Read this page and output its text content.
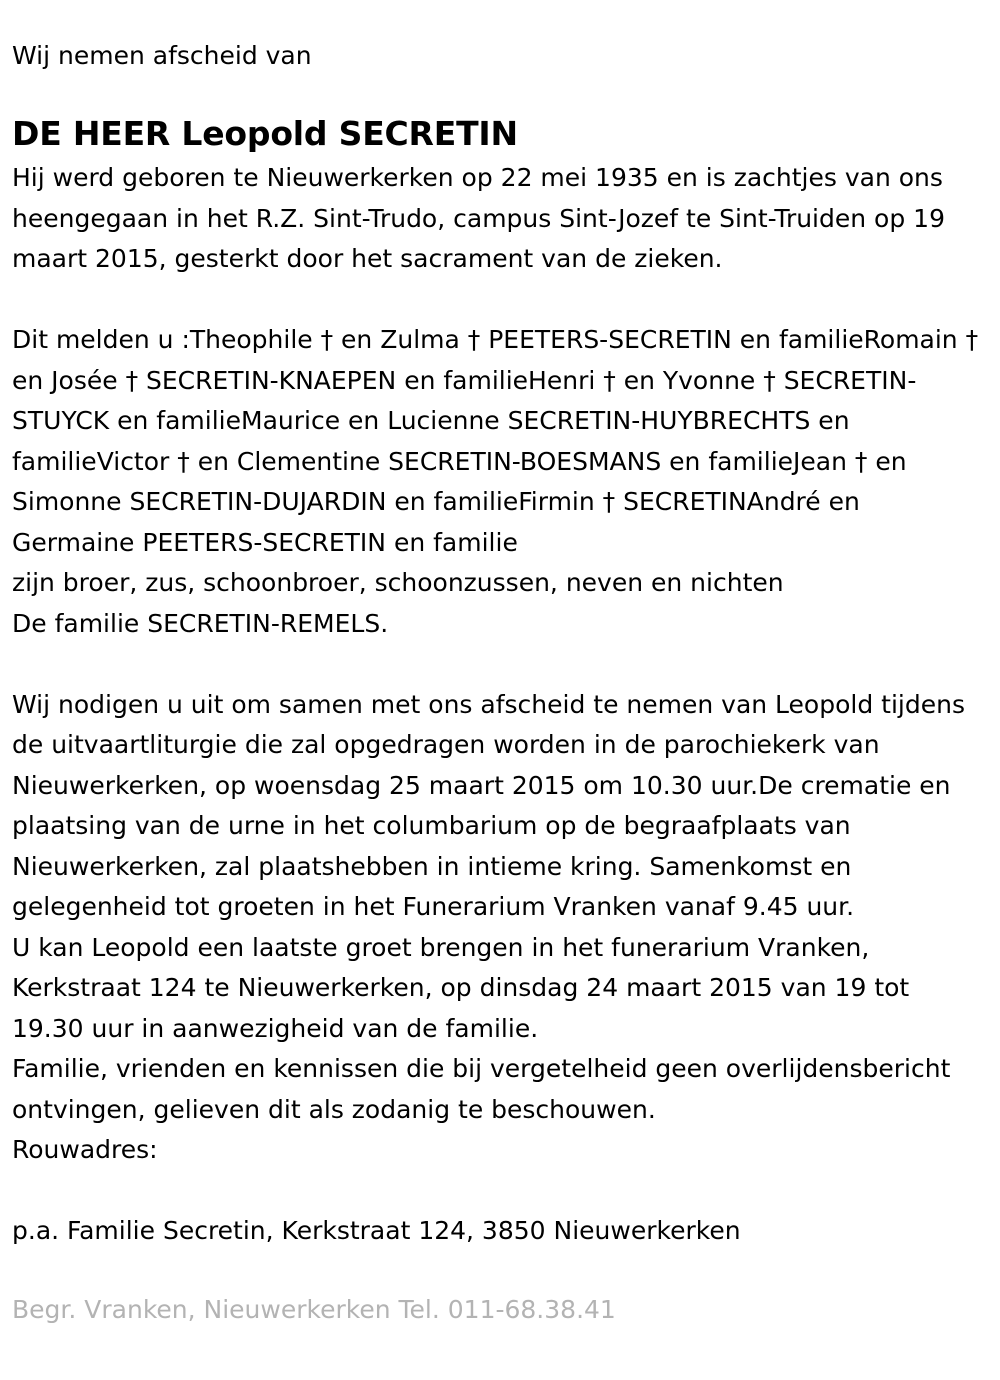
Wij nemen afscheid van

DE HEER Leopold SECRETIN

Hij werd geboren te Nieuwerkerken op 22 mei 1935 en is zachtjes van ons heengegaan in het R.Z. Sint-Trudo, campus Sint-Jozef te Sint-Truiden op 19 maart 2015, gesterkt door het sacrament van de zieken.

Dit melden u :Theophile † en Zulma † PEETERS-SECRETIN en familieRomain † en Josée † SECRETIN-KNAEPEN en familieHenri † en Yvonne † SECRETIN-STUYCK en familieMaurice en Lucienne SECRETIN-HUYBRECHTS en familieVictor † en Clementine SECRETIN-BOESMANS en familieJean † en Simonne SECRETIN-DUJARDIN en familieFirmin † SECRETINAndré en Germaine PEETERS-SECRETIN en familie

zijn broer, zus, schoonbroer, schoonzussen, neven en nichten

De familie SECRETIN-REMELS.

Wij nodigen u uit om samen met ons afscheid te nemen van Leopold tijdens de uitvaartliturgie die zal opgedragen worden in de parochiekerk van Nieuwerkerken, op woensdag 25 maart 2015 om 10.30 uur.De crematie en plaatsing van de urne in het columbarium op de begraafplaats van Nieuwerkerken, zal plaatshebben in intieme kring. Samenkomst en gelegenheid tot groeten in het Funerarium Vranken vanaf 9.45 uur.

U kan Leopold een laatste groet brengen in het funerarium Vranken, Kerkstraat 124 te Nieuwerkerken, op dinsdag 24 maart 2015 van 19 tot 19.30 uur in aanwezigheid van de familie.

Familie, vrienden en kennissen die bij vergetelheid geen overlijdensbericht ontvingen, gelieven dit als zodanig te beschouwen.

Rouwadres:

p.a. Familie Secretin, Kerkstraat 124, 3850 Nieuwerkerken

Begr. Vranken, Nieuwerkerken Tel. 011-68.38.41
